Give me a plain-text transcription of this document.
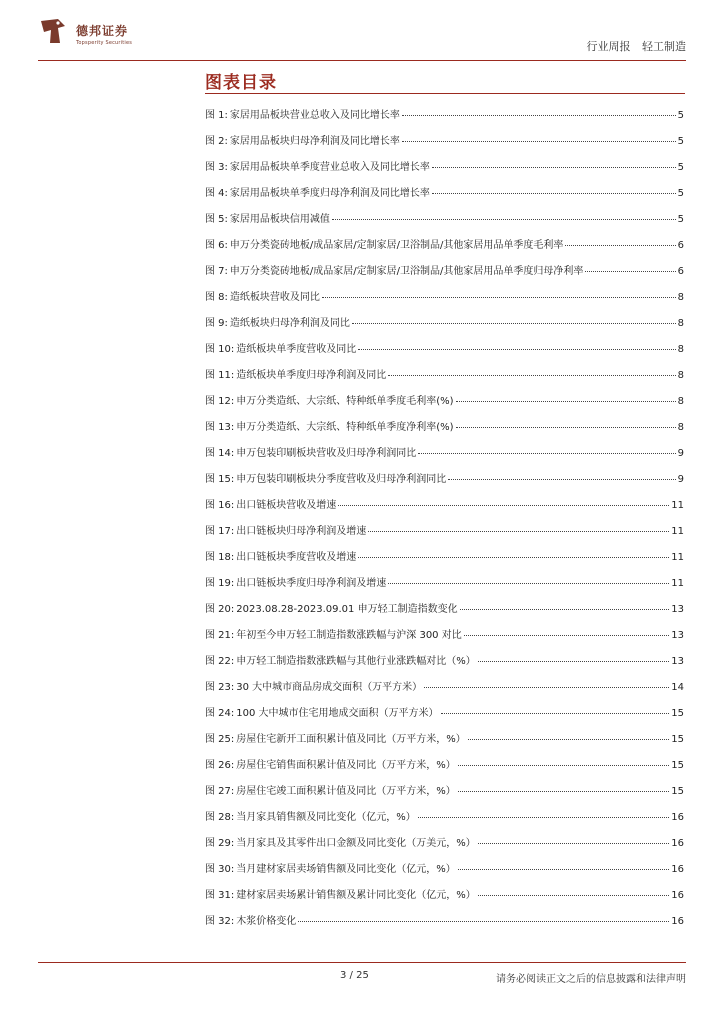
德邦证券
Topsperity Securities	行业周报 轻工制造
图表目录
图 1: 家居用品板块营业总收入及同比增长率	5
图 2: 家居用品板块归母净利润及同比增长率	5
图 3: 家居用品板块单季度营业总收入及同比增长率	5
图 4: 家居用品板块单季度归母净利润及同比增长率	5
图 5: 家居用品板块信用减值	5
图 6: 申万分类瓷砖地板/成品家居/定制家居/卫浴制品/其他家居用品单季度毛利率	6
图 7: 申万分类瓷砖地板/成品家居/定制家居/卫浴制品/其他家居用品单季度归母净利率	6
图 8: 造纸板块营收及同比	8
图 9: 造纸板块归母净利润及同比	8
图 10: 造纸板块单季度营收及同比	8
图 11: 造纸板块单季度归母净利润及同比	8
图 12: 申万分类造纸、大宗纸、特种纸单季度毛利率(%)	8
图 13: 申万分类造纸、大宗纸、特种纸单季度净利率(%)	8
图 14: 申万包装印刷板块营收及归母净利润同比	9
图 15: 申万包装印刷板块分季度营收及归母净利润同比	9
图 16: 出口链板块营收及增速	11
图 17: 出口链板块归母净利润及增速	11
图 18: 出口链板块季度营收及增速	11
图 19: 出口链板块季度归母净利润及增速	11
图 20: 2023.08.28-2023.09.01 申万轻工制造指数变化	13
图 21: 年初至今申万轻工制造指数涨跌幅与沪深 300 对比	13
图 22: 申万轻工制造指数涨跌幅与其他行业涨跌幅对比（%）	13
图 23: 30 大中城市商品房成交面积（万平方米）	14
图 24: 100 大中城市住宅用地成交面积（万平方米）	15
图 25: 房屋住宅新开工面积累计值及同比（万平方米，%）	15
图 26: 房屋住宅销售面积累计值及同比（万平方米，%）	15
图 27: 房屋住宅竣工面积累计值及同比（万平方米，%）	15
图 28: 当月家具销售额及同比变化（亿元，%）	16
图 29: 当月家具及其零件出口金额及同比变化（万美元，%）	16
图 30: 当月建材家居卖场销售额及同比变化（亿元，%）	16
图 31: 建材家居卖场累计销售额及累计同比变化（亿元，%）	16
图 32: 木浆价格变化	16
3 / 25	请务必阅读正文之后的信息披露和法律声明
